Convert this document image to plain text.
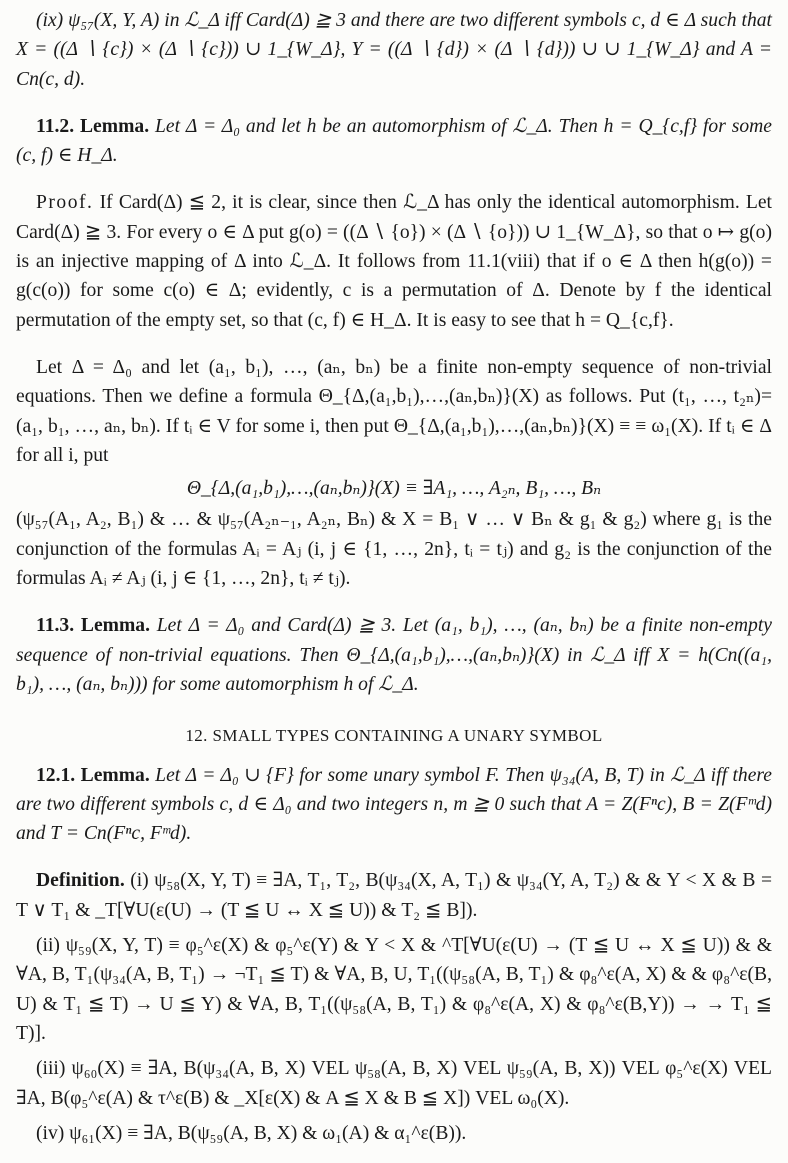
(ix) ψ₅₇(X, Y, A) in ℒ_Δ iff Card(Δ) ≧ 3 and there are two different symbols c, d ∈ Δ such that X = ((Δ ∖ {c}) × (Δ ∖ {c})) ∪ 1_{W_Δ}, Y = ((Δ ∖ {d}) × (Δ ∖ {d})) ∪ ∪ 1_{W_Δ} and A = Cn(c, d).

11.2. Lemma. Let Δ = Δ₀ and let h be an automorphism of ℒ_Δ. Then h = Q_{c,f} for some (c, f) ∈ H_Δ.

Proof. If Card(Δ) ≦ 2, it is clear, since then ℒ_Δ has only the identical automorphism. Let Card(Δ) ≧ 3. For every o ∈ Δ put g(o) = ((Δ ∖ {o}) × (Δ ∖ {o})) ∪ 1_{W_Δ}, so that o ↦ g(o) is an injective mapping of Δ into ℒ_Δ. It follows from 11.1(viii) that if o ∈ Δ then h(g(o)) = g(c(o)) for some c(o) ∈ Δ; evidently, c is a permutation of Δ. Denote by f the identical permutation of the empty set, so that (c, f) ∈ H_Δ. It is easy to see that h = Q_{c,f}.

Let Δ = Δ₀ and let (a₁, b₁), …, (aₙ, bₙ) be a finite non-empty sequence of non-trivial equations. Then we define a formula Θ_{Δ,(a₁,b₁),…,(aₙ,bₙ)}(X) as follows. Put (t₁, …, t₂ₙ)=(a₁, b₁, …, aₙ, bₙ). If tᵢ ∈ V for some i, then put Θ_{Δ,(a₁,b₁),…,(aₙ,bₙ)}(X) ≡ ≡ ω₁(X). If tᵢ ∈ Δ for all i, put

Θ_{Δ,(a₁,b₁),…,(aₙ,bₙ)}(X) ≡ ∃A₁, …, A₂ₙ, B₁, …, Bₙ

(ψ₅₇(A₁, A₂, B₁) & … & ψ₅₇(A₂ₙ₋₁, A₂ₙ, Bₙ) & X = B₁ ∨ … ∨ Bₙ & g₁ & g₂) where g₁ is the conjunction of the formulas Aᵢ = Aⱼ (i, j ∈ {1, …, 2n}, tᵢ = tⱼ) and g₂ is the conjunction of the formulas Aᵢ ≠ Aⱼ (i, j ∈ {1, …, 2n}, tᵢ ≠ tⱼ).

11.3. Lemma. Let Δ = Δ₀ and Card(Δ) ≧ 3. Let (a₁, b₁), …, (aₙ, bₙ) be a finite non-empty sequence of non-trivial equations. Then Θ_{Δ,(a₁,b₁),…,(aₙ,bₙ)}(X) in ℒ_Δ iff X = h(Cn((a₁, b₁), …, (aₙ, bₙ))) for some automorphism h of ℒ_Δ.

12. SMALL TYPES CONTAINING A UNARY SYMBOL

12.1. Lemma. Let Δ = Δ₀ ∪ {F} for some unary symbol F. Then ψ₃₄(A, B, T) in ℒ_Δ iff there are two different symbols c, d ∈ Δ₀ and two integers n, m ≧ 0 such that A = Z(Fⁿc), B = Z(Fᵐd) and T = Cn(Fⁿc, Fᵐd).

Definition. (i) ψ₅₈(X, Y, T) ≡ ∃A, T₁, T₂, B(ψ₃₄(X, A, T₁) & ψ₃₄(Y, A, T₂) & & Y < X & B = T ∨ T₁ & _T[∀U(ε(U) → (T ≦ U ↔ X ≦ U)) & T₂ ≦ B]).

(ii) ψ₅₉(X, Y, T) ≡ φ₅^ε(X) & φ₅^ε(Y) & Y < X & ^T[∀U(ε(U) → (T ≦ U ↔ X ≦ U)) & & ∀A, B, T₁(ψ₃₄(A, B, T₁) → ¬T₁ ≦ T) & ∀A, B, U, T₁((ψ₅₈(A, B, T₁) & φ₈^ε(A, X) & & φ₈^ε(B, U) & T₁ ≦ T) → U ≦ Y) & ∀A, B, T₁((ψ₅₈(A, B, T₁) & φ₈^ε(A, X) & φ₈^ε(B,Y)) → → T₁ ≦ T)].

(iii) ψ₆₀(X) ≡ ∃A, B(ψ₃₄(A, B, X) VEL ψ₅₈(A, B, X) VEL ψ₅₉(A, B, X)) VEL φ₅^ε(X) VEL ∃A, B(φ₅^ε(A) & τ^ε(B) & _X[ε(X) & A ≦ X & B ≦ X]) VEL ω₀(X).

(iv) ψ₆₁(X) ≡ ∃A, B(ψ₅₉(A, B, X) & ω₁(A) & α₁^ε(B)).
